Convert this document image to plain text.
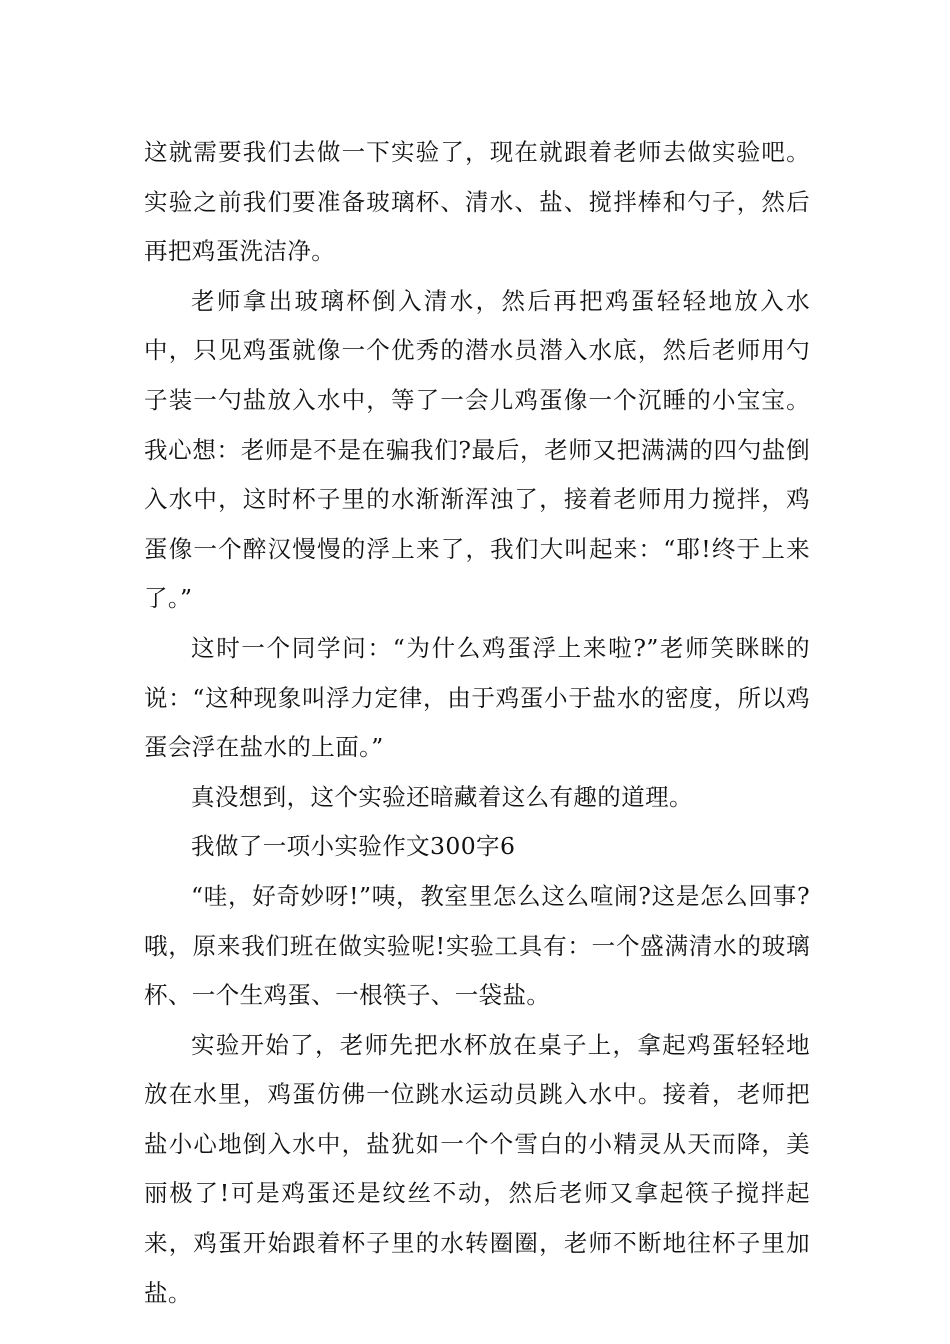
这就需要我们去做一下实验了，现在就跟着老师去做实验吧。实验之前我们要准备玻璃杯、清水、盐、搅拌棒和勺子，然后再把鸡蛋洗洁净。

老师拿出玻璃杯倒入清水，然后再把鸡蛋轻轻地放入水中，只见鸡蛋就像一个优秀的潜水员潜入水底，然后老师用勺子装一勺盐放入水中，等了一会儿鸡蛋像一个沉睡的小宝宝。我心想：老师是不是在骗我们?最后，老师又把满满的四勺盐倒入水中，这时杯子里的水渐渐浑浊了，接着老师用力搅拌，鸡蛋像一个醉汉慢慢的浮上来了，我们大叫起来：“耶!终于上来了。”

这时一个同学问：“为什么鸡蛋浮上来啦?”老师笑眯眯的说：“这种现象叫浮力定律，由于鸡蛋小于盐水的密度，所以鸡蛋会浮在盐水的上面。”

真没想到，这个实验还暗藏着这么有趣的道理。

我做了一项小实验作文300字6

“哇，好奇妙呀!”咦，教室里怎么这么喧闹?这是怎么回事?哦，原来我们班在做实验呢!实验工具有：一个盛满清水的玻璃杯、一个生鸡蛋、一根筷子、一袋盐。

实验开始了，老师先把水杯放在桌子上，拿起鸡蛋轻轻地放在水里，鸡蛋仿佛一位跳水运动员跳入水中。接着，老师把盐小心地倒入水中，盐犹如一个个雪白的小精灵从天而降，美丽极了!可是鸡蛋还是纹丝不动，然后老师又拿起筷子搅拌起来，鸡蛋开始跟着杯子里的水转圈圈，老师不断地往杯子里加盐。
